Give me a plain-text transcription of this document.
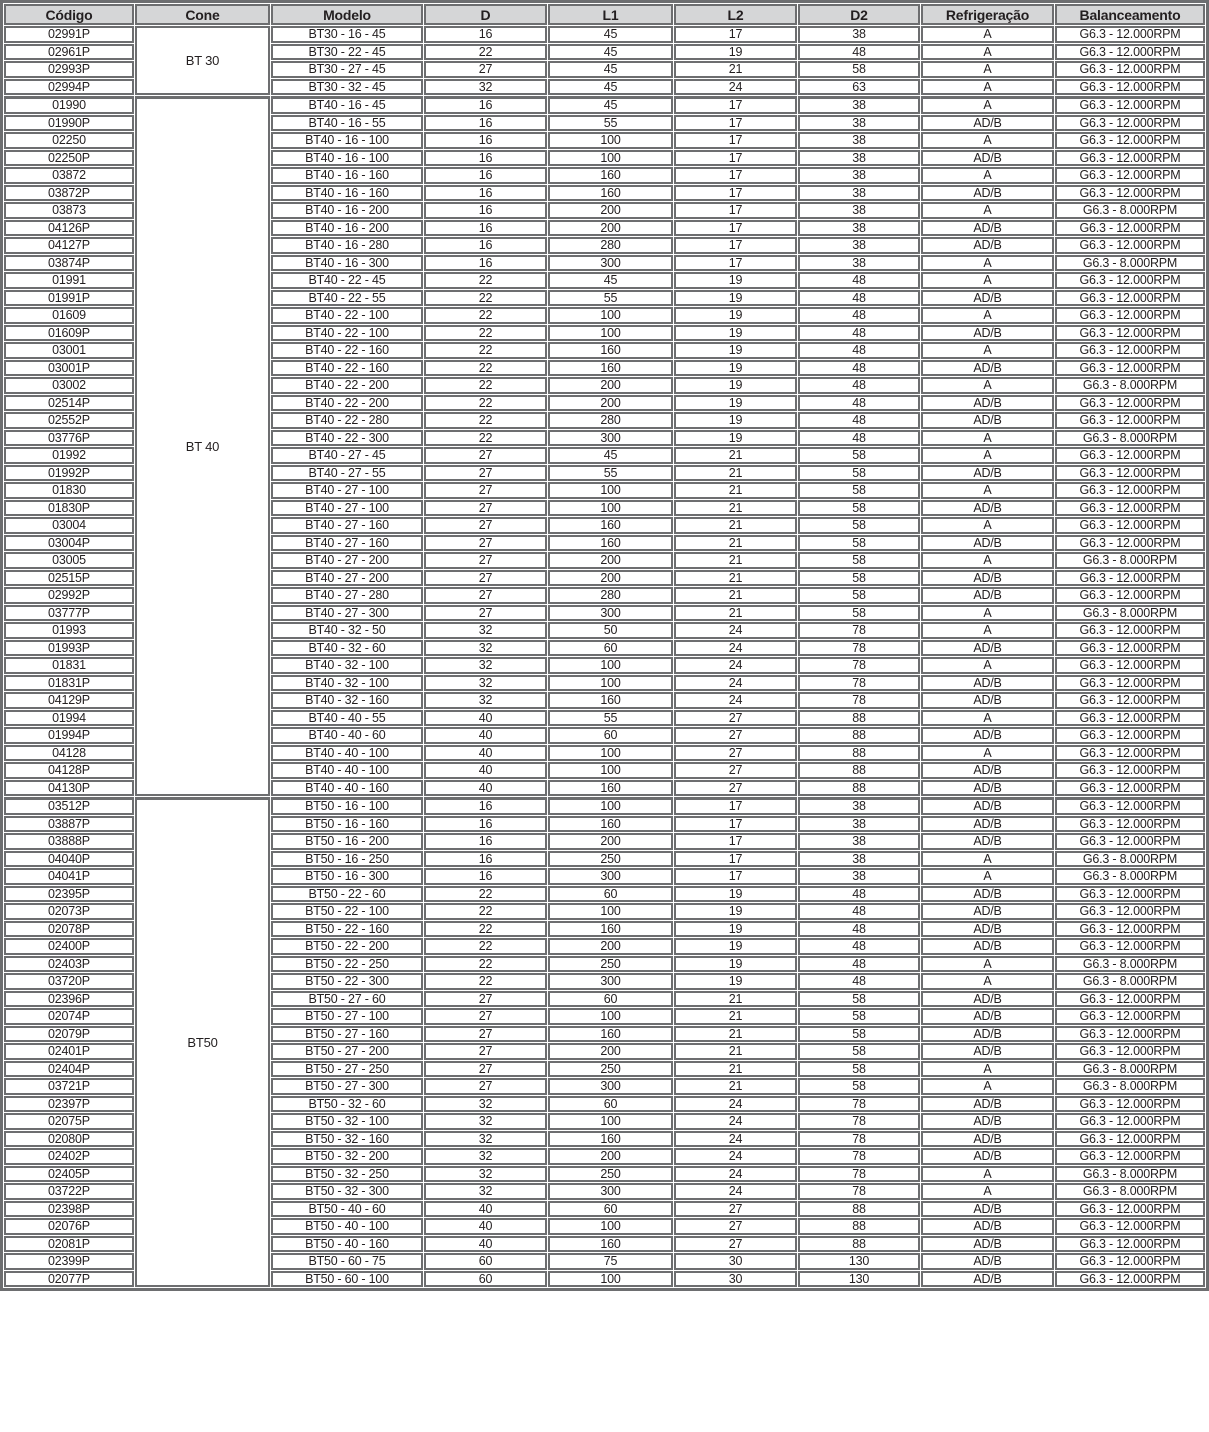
Código	Cone	Modelo	D	L1	L2	D2	Refrigeração	Balanceamento
02991P	BT 30	BT30 - 16 - 45	16	45	17	38	A	G6.3 - 12.000RPM
02961P		BT30 - 22 - 45	22	45	19	48	A	G6.3 - 12.000RPM
02993P		BT30 - 27 - 45	27	45	21	58	A	G6.3 - 12.000RPM
02994P		BT30 - 32 - 45	32	45	24	63	A	G6.3 - 12.000RPM
01990	BT 40	BT40 - 16 - 45	16	45	17	38	A	G6.3 - 12.000RPM
01990P		BT40 - 16 - 55	16	55	17	38	AD/B	G6.3 - 12.000RPM
02250		BT40 - 16 - 100	16	100	17	38	A	G6.3 - 12.000RPM
02250P		BT40 - 16 - 100	16	100	17	38	AD/B	G6.3 - 12.000RPM
03872		BT40 - 16 - 160	16	160	17	38	A	G6.3 - 12.000RPM
03872P		BT40 - 16 - 160	16	160	17	38	AD/B	G6.3 - 12.000RPM
03873		BT40 - 16 - 200	16	200	17	38	A	G6.3 - 8.000RPM
04126P		BT40 - 16 - 200	16	200	17	38	AD/B	G6.3 - 12.000RPM
04127P		BT40 - 16 - 280	16	280	17	38	AD/B	G6.3 - 12.000RPM
03874P		BT40 - 16 - 300	16	300	17	38	A	G6.3 - 8.000RPM
01991		BT40 - 22 - 45	22	45	19	48	A	G6.3 - 12.000RPM
01991P		BT40 - 22 - 55	22	55	19	48	AD/B	G6.3 - 12.000RPM
01609		BT40 - 22 - 100	22	100	19	48	A	G6.3 - 12.000RPM
01609P		BT40 - 22 - 100	22	100	19	48	AD/B	G6.3 - 12.000RPM
03001		BT40 - 22 - 160	22	160	19	48	A	G6.3 - 12.000RPM
03001P		BT40 - 22 - 160	22	160	19	48	AD/B	G6.3 - 12.000RPM
03002		BT40 - 22 - 200	22	200	19	48	A	G6.3 - 8.000RPM
02514P		BT40 - 22 - 200	22	200	19	48	AD/B	G6.3 - 12.000RPM
02552P		BT40 - 22 - 280	22	280	19	48	AD/B	G6.3 - 12.000RPM
03776P		BT40 - 22 - 300	22	300	19	48	A	G6.3 - 8.000RPM
01992		BT40 - 27 - 45	27	45	21	58	A	G6.3 - 12.000RPM
01992P		BT40 - 27 - 55	27	55	21	58	AD/B	G6.3 - 12.000RPM
01830		BT40 - 27 - 100	27	100	21	58	A	G6.3 - 12.000RPM
01830P		BT40 - 27 - 100	27	100	21	58	AD/B	G6.3 - 12.000RPM
03004		BT40 - 27 - 160	27	160	21	58	A	G6.3 - 12.000RPM
03004P		BT40 - 27 - 160	27	160	21	58	AD/B	G6.3 - 12.000RPM
03005		BT40 - 27 - 200	27	200	21	58	A	G6.3 - 8.000RPM
02515P		BT40 - 27 - 200	27	200	21	58	AD/B	G6.3 - 12.000RPM
02992P		BT40 - 27 - 280	27	280	21	58	AD/B	G6.3 - 12.000RPM
03777P		BT40 - 27 - 300	27	300	21	58	A	G6.3 - 8.000RPM
01993		BT40 - 32 - 50	32	50	24	78	A	G6.3 - 12.000RPM
01993P		BT40 - 32 - 60	32	60	24	78	AD/B	G6.3 - 12.000RPM
01831		BT40 - 32 - 100	32	100	24	78	A	G6.3 - 12.000RPM
01831P		BT40 - 32 - 100	32	100	24	78	AD/B	G6.3 - 12.000RPM
04129P		BT40 - 32 - 160	32	160	24	78	AD/B	G6.3 - 12.000RPM
01994		BT40 - 40 - 55	40	55	27	88	A	G6.3 - 12.000RPM
01994P		BT40 - 40 - 60	40	60	27	88	AD/B	G6.3 - 12.000RPM
04128		BT40 - 40 - 100	40	100	27	88	A	G6.3 - 12.000RPM
04128P		BT40 - 40 - 100	40	100	27	88	AD/B	G6.3 - 12.000RPM
04130P		BT40 - 40 - 160	40	160	27	88	AD/B	G6.3 - 12.000RPM
03512P	BT50	BT50 - 16 - 100	16	100	17	38	AD/B	G6.3 - 12.000RPM
03887P		BT50 - 16 - 160	16	160	17	38	AD/B	G6.3 - 12.000RPM
03888P		BT50 - 16 - 200	16	200	17	38	AD/B	G6.3 - 12.000RPM
04040P		BT50 - 16 - 250	16	250	17	38	A	G6.3 - 8.000RPM
04041P		BT50 - 16 - 300	16	300	17	38	A	G6.3 - 8.000RPM
02395P		BT50 - 22 - 60	22	60	19	48	AD/B	G6.3 - 12.000RPM
02073P		BT50 - 22 - 100	22	100	19	48	AD/B	G6.3 - 12.000RPM
02078P		BT50 - 22 - 160	22	160	19	48	AD/B	G6.3 - 12.000RPM
02400P		BT50 - 22 - 200	22	200	19	48	AD/B	G6.3 - 12.000RPM
02403P		BT50 - 22 - 250	22	250	19	48	A	G6.3 - 8.000RPM
03720P		BT50 - 22 - 300	22	300	19	48	A	G6.3 - 8.000RPM
02396P		BT50 - 27 - 60	27	60	21	58	AD/B	G6.3 - 12.000RPM
02074P		BT50 - 27 - 100	27	100	21	58	AD/B	G6.3 - 12.000RPM
02079P		BT50 - 27 - 160	27	160	21	58	AD/B	G6.3 - 12.000RPM
02401P		BT50 - 27 - 200	27	200	21	58	AD/B	G6.3 - 12.000RPM
02404P		BT50 - 27 - 250	27	250	21	58	A	G6.3 - 8.000RPM
03721P		BT50 - 27 - 300	27	300	21	58	A	G6.3 - 8.000RPM
02397P		BT50 - 32 - 60	32	60	24	78	AD/B	G6.3 - 12.000RPM
02075P		BT50 - 32 - 100	32	100	24	78	AD/B	G6.3 - 12.000RPM
02080P		BT50 - 32 - 160	32	160	24	78	AD/B	G6.3 - 12.000RPM
02402P		BT50 - 32 - 200	32	200	24	78	AD/B	G6.3 - 12.000RPM
02405P		BT50 - 32 - 250	32	250	24	78	A	G6.3 - 8.000RPM
03722P		BT50 - 32 - 300	32	300	24	78	A	G6.3 - 8.000RPM
02398P		BT50 - 40 - 60	40	60	27	88	AD/B	G6.3 - 12.000RPM
02076P		BT50 - 40 - 100	40	100	27	88	AD/B	G6.3 - 12.000RPM
02081P		BT50 - 40 - 160	40	160	27	88	AD/B	G6.3 - 12.000RPM
02399P		BT50 - 60 - 75	60	75	30	130	AD/B	G6.3 - 12.000RPM
02077P		BT50 - 60 - 100	60	100	30	130	AD/B	G6.3 - 12.000RPM
